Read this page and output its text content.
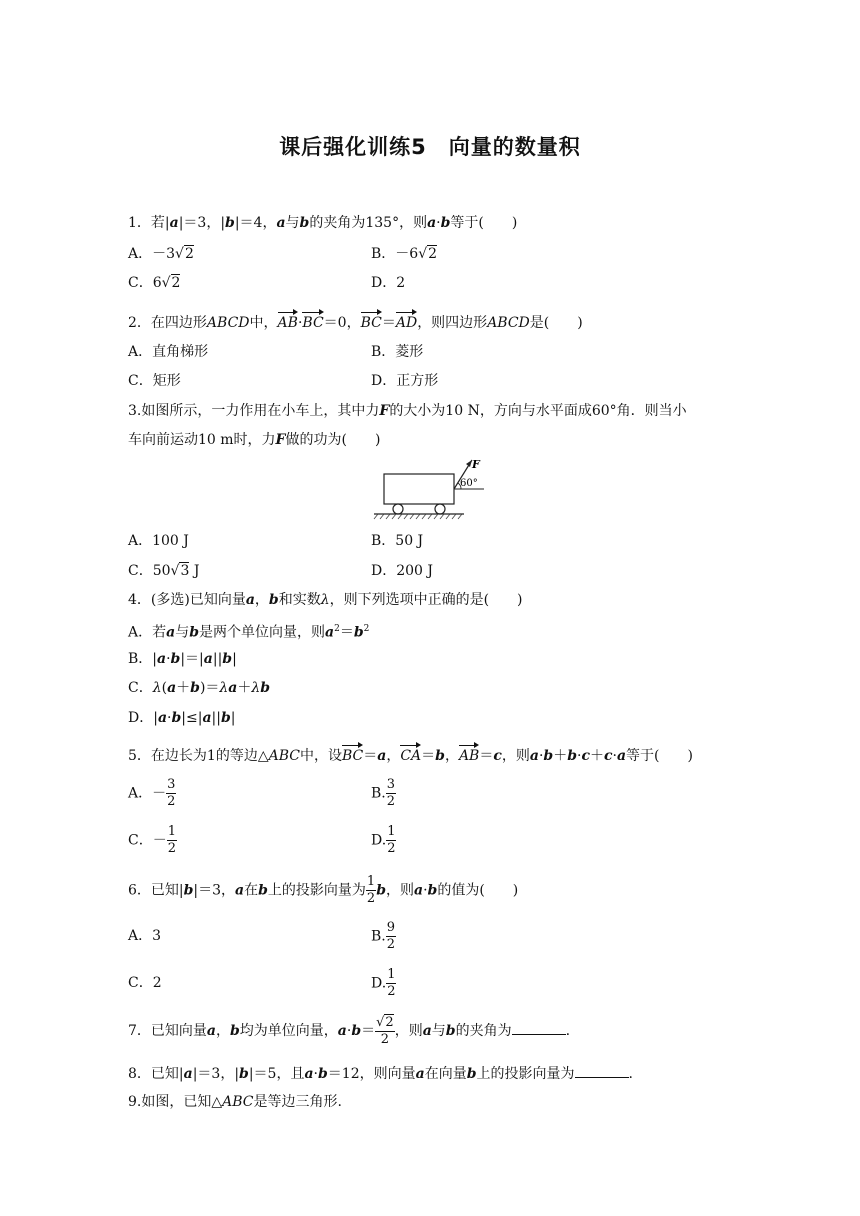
课后强化训练5　向量的数量积
1．若|a|＝3，|b|＝4，a与b的夹角为135°，则a·b等于(　　)
A．－3√2	B．－6√2
C．6√2	D．2
2．在四边形ABCD中，AB·BC＝0，BC＝AD，则四边形ABCD是(　　)
A．直角梯形	B．菱形
C．矩形	D．正方形
3.如图所示，一力作用在小车上，其中力F的大小为10 N，方向与水平面成60°角．则当小
车向前运动10 m时，力F做的功为(　　)
F
60°
A．100 J	B．50 J
C．50√3 J	D．200 J
4．(多选)已知向量a，b和实数λ，则下列选项中正确的是(　　)
A．若a与b是两个单位向量，则$a^2=b^2$
B．|a·b|＝|a||b|
C．λ(a＋b)＝λa＋λb
D．|a·b|≤|a||b|
5．在边长为1的等边△ABC中，设BC＝a，CA＝b，AB＝c，则a·b＋b·c＋c·a等于(　　)
A．－ $\frac{3}{2}$	B. $\frac{3}{2}$
C．－ $\frac{1}{2}$	D. $\frac{1}{2}$
6．已知|b|＝3，a在b上的投影向量为 $\frac{1}{2}$ b，则a·b的值为(　　)
A．3	B. $\frac{9}{2}$
C．2	D. $\frac{1}{2}$
7．已知向量a，b均为单位向量，$a\cdot b= \frac{√2}{2}$ ，则a与b的夹角为	.
8．已知|a|＝3，|b|＝5，且a·b＝12，则向量a在向量b上的投影向量为	.
9.如图，已知△ABC是等边三角形.
